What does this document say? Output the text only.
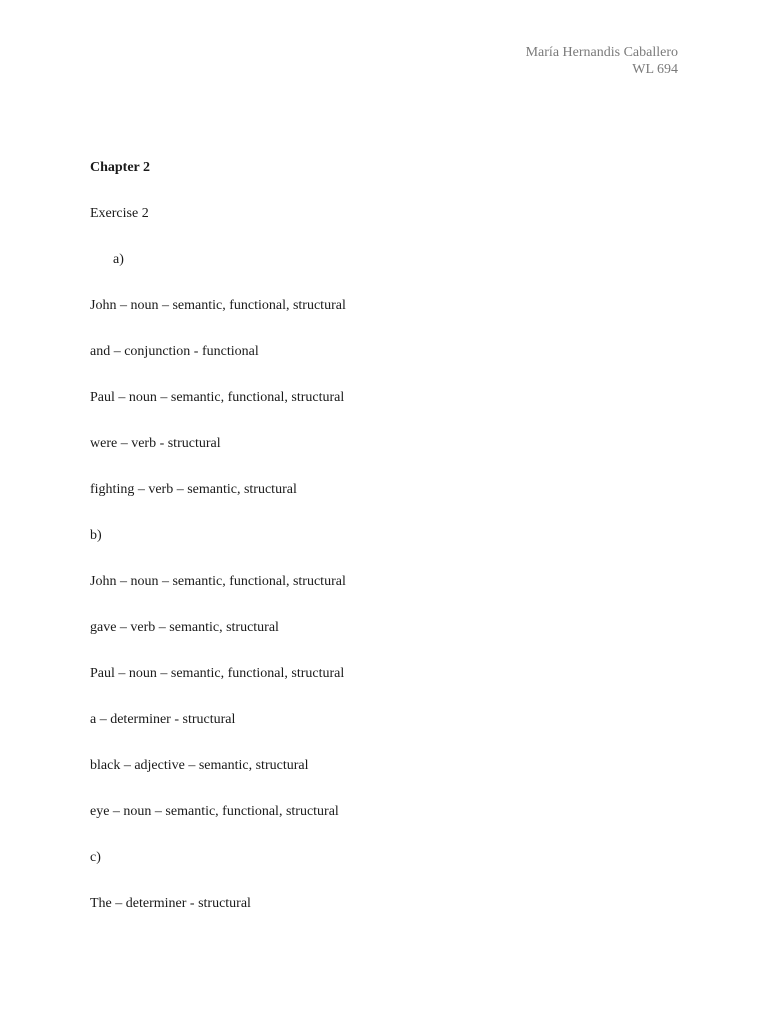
María Hernandis Caballero
WL 694
Chapter 2
Exercise 2
a)
John – noun – semantic, functional, structural
and – conjunction - functional
Paul – noun – semantic, functional, structural
were – verb - structural
fighting – verb – semantic, structural
b)
John – noun – semantic, functional, structural
gave – verb – semantic, structural
Paul – noun – semantic, functional, structural
a – determiner - structural
black – adjective – semantic, structural
eye – noun – semantic, functional, structural
c)
The – determiner - structural
